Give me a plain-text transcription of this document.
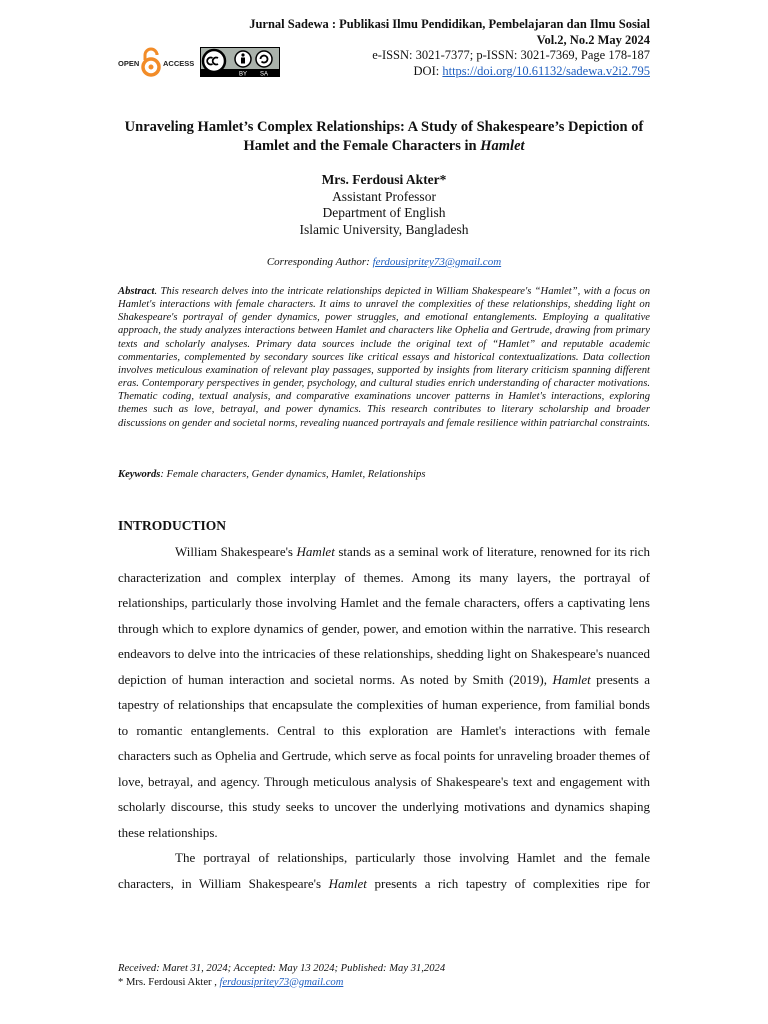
Jurnal Sadewa : Publikasi Ilmu Pendidikan, Pembelajaran dan Ilmu Sosial
Vol.2, No.2 May 2024
e-ISSN: 3021-7377; p-ISSN: 3021-7369, Page 178-187
DOI: https://doi.org/10.61132/sadewa.v2i2.795
OPEN	ACCESS
BY SA
Unraveling Hamlet’s Complex Relationships: A Study of Shakespeare’s Depiction of Hamlet and the Female Characters in Hamlet
Mrs. Ferdousi Akter*
Assistant Professor
Department of English
Islamic University, Bangladesh
Corresponding Author: ferdousipritey73@gmail.com
Abstract. This research delves into the intricate relationships depicted in William Shakespeare's “Hamlet”, with a focus on Hamlet's interactions with female characters. It aims to unravel the complexities of these relationships, shedding light on Shakespeare's portrayal of gender dynamics, power struggles, and emotional entanglements. Employing a qualitative approach, the study analyzes interactions between Hamlet and characters like Ophelia and Gertrude, drawing from primary texts and scholarly analyses. Primary data sources include the original text of “Hamlet” and reputable academic commentaries, complemented by secondary sources like critical essays and historical contextualizations. Data collection involves meticulous examination of relevant play passages, supported by insights from literary criticism spanning different eras. Contemporary perspectives in gender, psychology, and cultural studies enrich understanding of character motivations. Thematic coding, textual analysis, and comparative examinations uncover patterns in Hamlet's interactions, exploring themes such as love, betrayal, and power dynamics. This research contributes to literary scholarship and broader discussions on gender and societal norms, revealing nuanced portrayals and female resilience within patriarchal constraints.
Keywords: Female characters, Gender dynamics, Hamlet, Relationships
INTRODUCTION

William Shakespeare's Hamlet stands as a seminal work of literature, renowned for its rich characterization and complex interplay of themes. Among its many layers, the portrayal of relationships, particularly those involving Hamlet and the female characters, offers a captivating lens through which to explore dynamics of gender, power, and emotion within the narrative. This research endeavors to delve into the intricacies of these relationships, shedding light on Shakespeare's nuanced depiction of human interaction and societal norms. As noted by Smith (2019), Hamlet presents a tapestry of relationships that encapsulate the complexities of human experience, from familial bonds to romantic entanglements. Central to this exploration are Hamlet's interactions with female characters such as Ophelia and Gertrude, which serve as focal points for unraveling broader themes of love, betrayal, and agency. Through meticulous analysis of Shakespeare's text and engagement with scholarly discourse, this study seeks to uncover the underlying motivations and dynamics shaping these relationships.

The portrayal of relationships, particularly those involving Hamlet and the female characters, in William Shakespeare's Hamlet presents a rich tapestry of complexities ripe for

Received: Maret 31, 2024; Accepted: May 13 2024; Published: May 31,2024
* Mrs. Ferdousi Akter , ferdousipritey73@gmail.com
